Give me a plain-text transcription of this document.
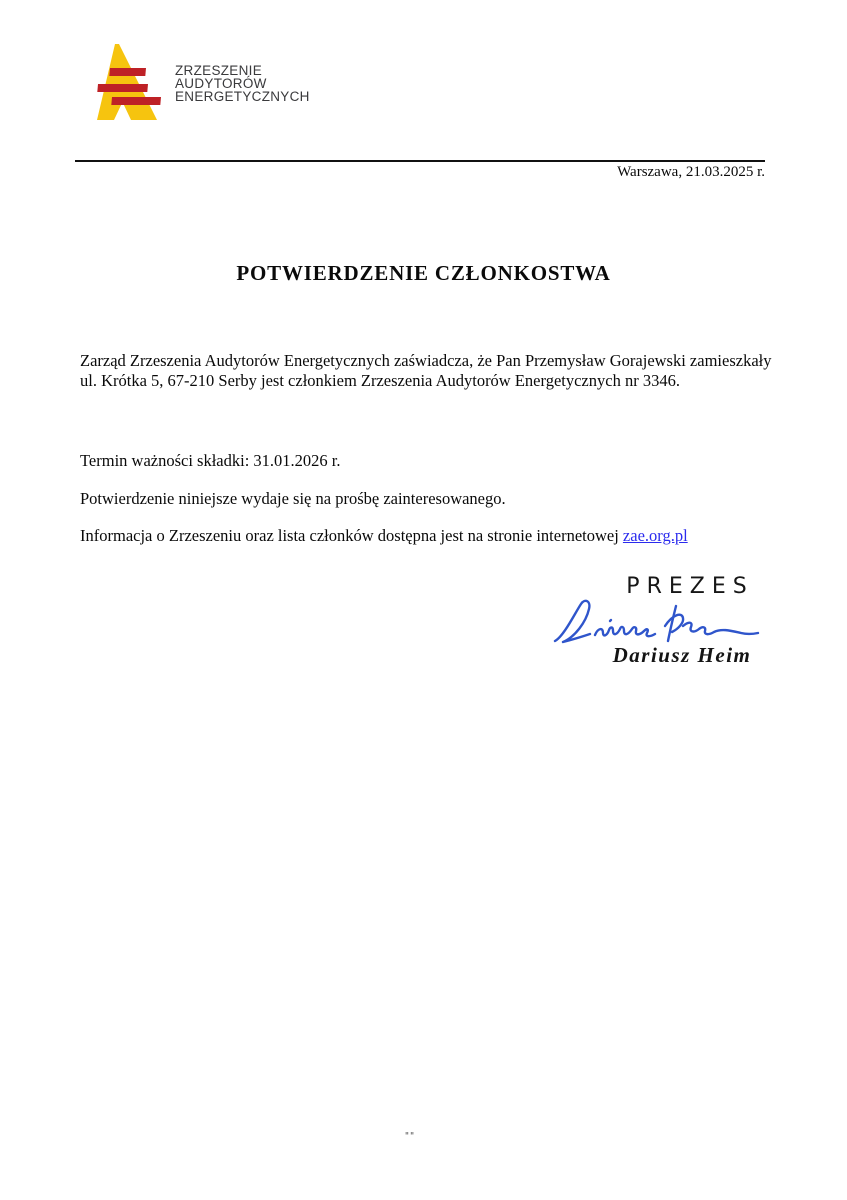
ZRZESZENIE
AUDYTORÓW
ENERGETYCZNYCH
Warszawa, 21.03.2025 r.
POTWIERDZENIE CZŁONKOSTWA

Zarząd Zrzeszenia Audytorów Energetycznych zaświadcza, że Pan Przemysław Gorajewski zamieszkały ul. Krótka 5, 67-210 Serby jest członkiem Zrzeszenia Audytorów Energetycznych nr 3346.

Termin ważności składki: 31.01.2026 r.

Potwierdzenie niniejsze wydaje się na prośbę zainteresowanego.

Informacja o Zrzeszeniu oraz lista członków dostępna jest na stronie internetowej zae.org.pl

PREZES
Dariusz Heim
""
